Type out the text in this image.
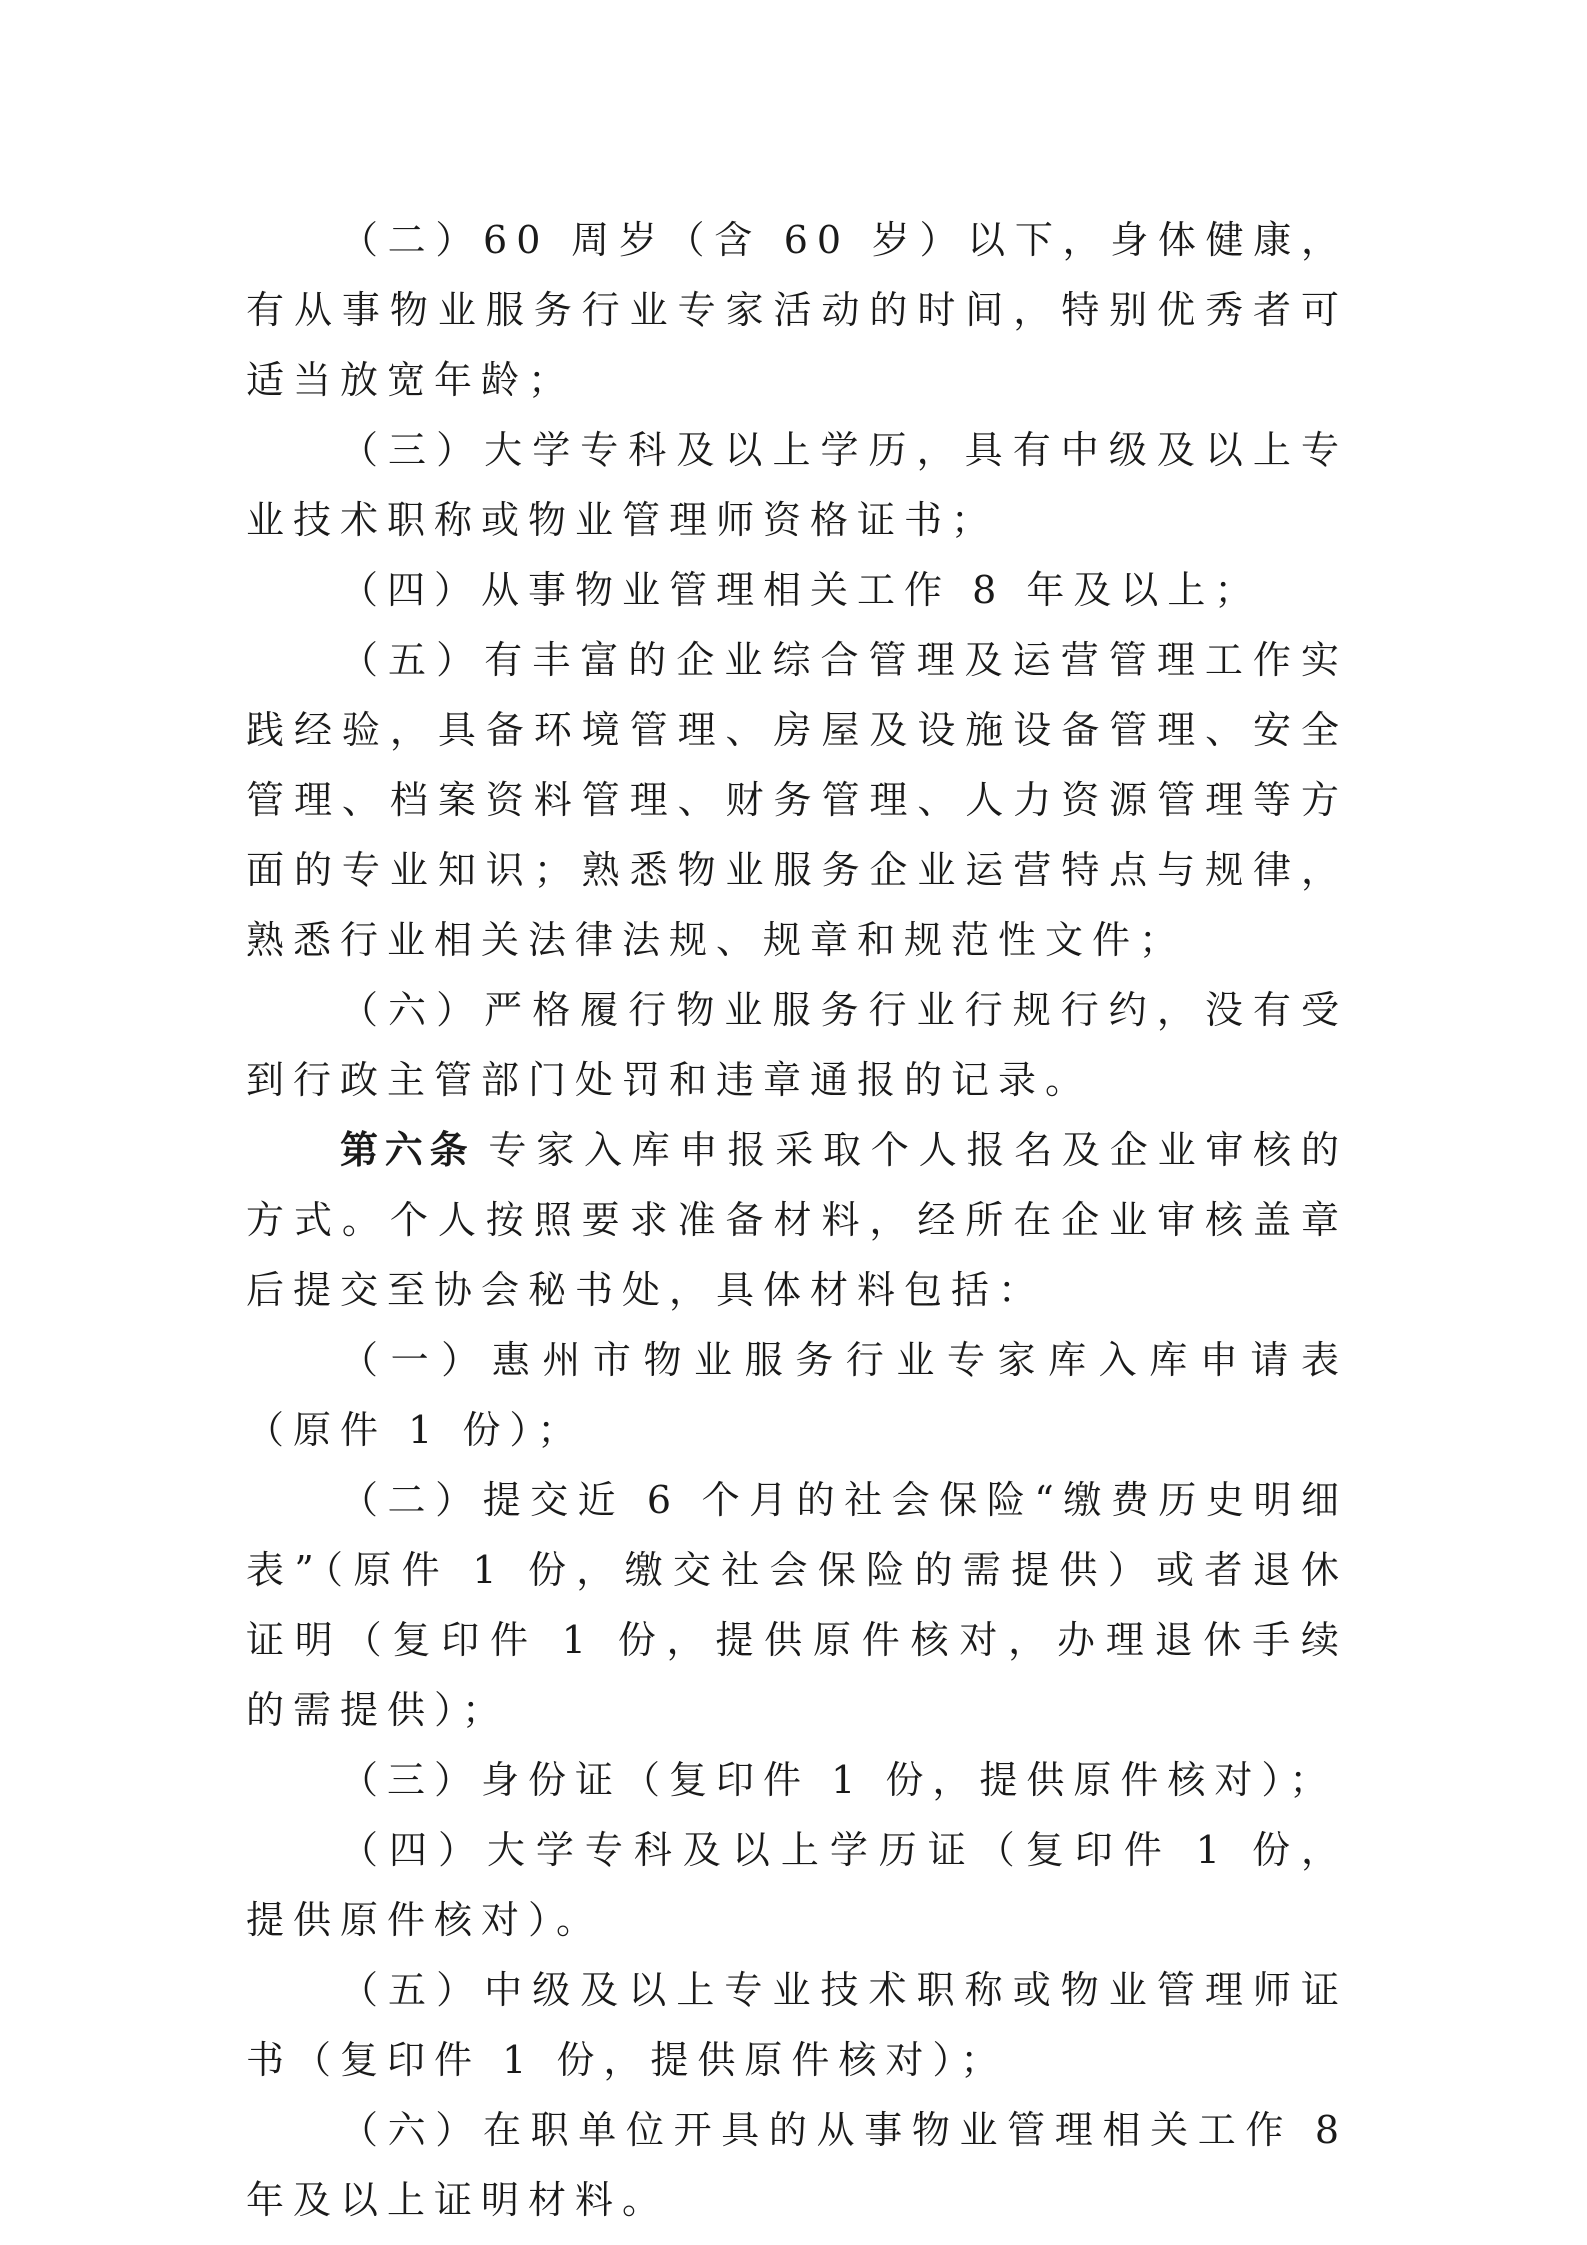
（二）60 周岁（含 60 岁）以下，身体健康，有从事物业服务行业专家活动的时间，特别优秀者可适当放宽年龄；

（三）大学专科及以上学历，具有中级及以上专业技术职称或物业管理师资格证书；

（四）从事物业管理相关工作 8 年及以上；

（五）有丰富的企业综合管理及运营管理工作实践经验，具备环境管理、房屋及设施设备管理、安全管理、档案资料管理、财务管理、人力资源管理等方面的专业知识；熟悉物业服务企业运营特点与规律，熟悉行业相关法律法规、规章和规范性文件；

（六）严格履行物业服务行业行规行约，没有受到行政主管部门处罚和违章通报的记录。

第六条 专家入库申报采取个人报名及企业审核的方式。个人按照要求准备材料，经所在企业审核盖章后提交至协会秘书处，具体材料包括：

（一）惠州市物业服务行业专家库入库申请表（原件 1 份）；

（二）提交近 6 个月的社会保险“缴费历史明细表”（原件 1 份，缴交社会保险的需提供）或者退休证明（复印件 1 份，提供原件核对，办理退休手续的需提供）；

（三）身份证（复印件 1 份，提供原件核对）；

（四）大学专科及以上学历证（复印件 1 份，提供原件核对）。

（五）中级及以上专业技术职称或物业管理师证书（复印件 1 份，提供原件核对）；

（六）在职单位开具的从事物业管理相关工作 8 年及以上证明材料。
